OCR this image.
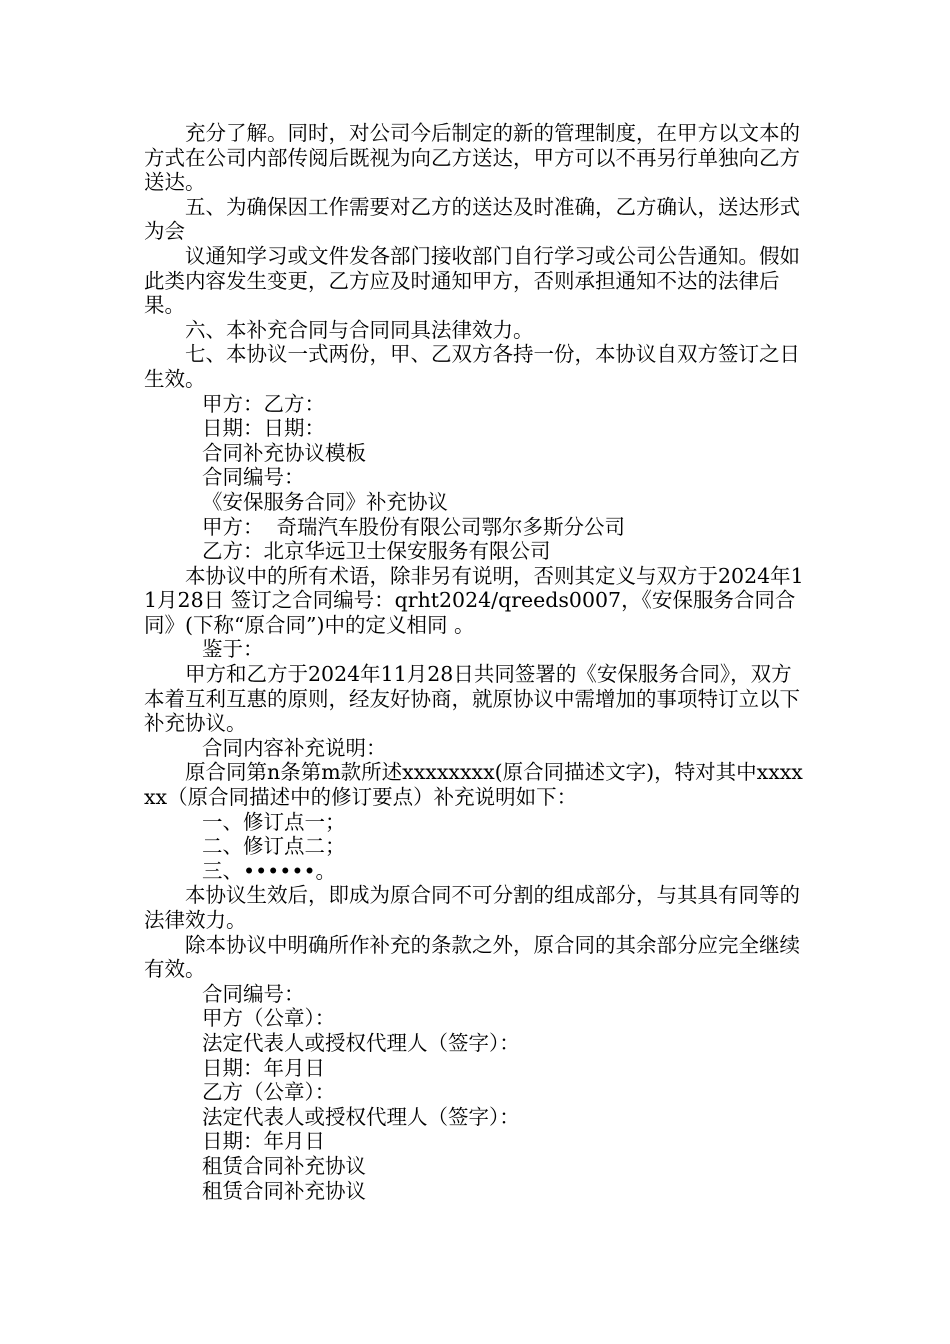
充分了解。同时，对公司今后制定的新的管理制度，在甲方以文本的方式在公司内部传阅后既视为向乙方送达，甲方可以不再另行单独向乙方送达。

五、为确保因工作需要对乙方的送达及时准确，乙方确认，送达形式为会

议通知学习或文件发各部门接收部门自行学习或公司公告通知。假如此类内容发生变更，乙方应及时通知甲方，否则承担通知不达的法律后果。

六、本补充合同与合同同具法律效力。

七、本协议一式两份，甲、乙双方各持一份，本协议自双方签订之日生效。

甲方：乙方：

日期：日期：

合同补充协议模板

合同编号：

《安保服务合同》补充协议

甲方：  奇瑞汽车股份有限公司鄂尔多斯分公司

乙方：北京华远卫士保安服务有限公司

本协议中的所有术语，除非另有说明，否则其定义与双方于2024年11月28日 签订之合同编号：qrht2024/qreeds0007，《安保服务合同合同》(下称“原合同”)中的定义相同 。

鉴于：

甲方和乙方于2024年11月28日共同签署的《安保服务合同》，双方本着互利互惠的原则，经友好协商，就原协议中需增加的事项特订立以下补充协议。

合同内容补充说明：

原合同第n条第m款所述xxxxxxxx(原合同描述文字)，特对其中xxxxxx（原合同描述中的修订要点）补充说明如下：

一、修订点一；

二、修订点二；

三、••••••。

本协议生效后，即成为原合同不可分割的组成部分，与其具有同等的法律效力。

除本协议中明确所作补充的条款之外，原合同的其余部分应完全继续有效。

合同编号：

甲方（公章）：

法定代表人或授权代理人（签字）：

日期：年月日

乙方（公章）：

法定代表人或授权代理人（签字）：

日期：年月日

租赁合同补充协议

租赁合同补充协议
